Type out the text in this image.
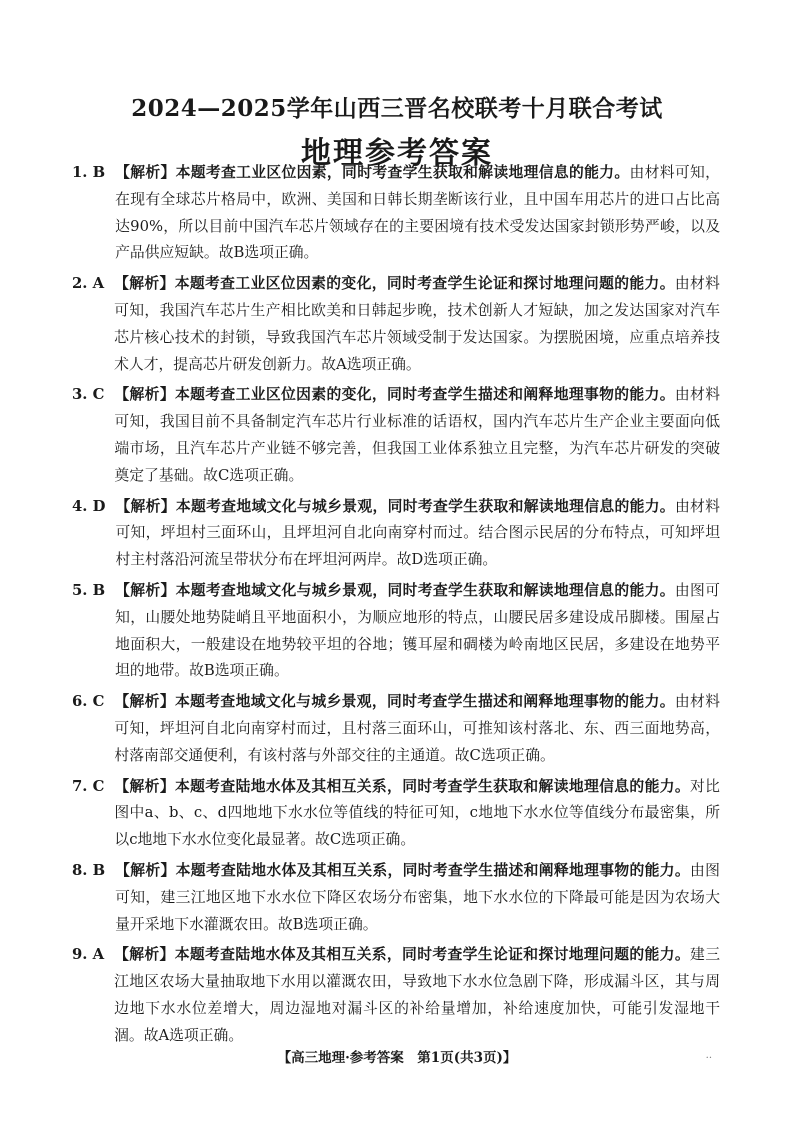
2024—2025学年山西三晋名校联考十月联合考试
地理参考答案
1. B 【解析】本题考查工业区位因素，同时考查学生获取和解读地理信息的能力。由材料可知，在现有全球芯片格局中，欧洲、美国和日韩长期垄断该行业，且中国车用芯片的进口占比高达90%，所以目前中国汽车芯片领域存在的主要困境有技术受发达国家封锁形势严峻，以及产品供应短缺。故B选项正确。
2. A 【解析】本题考查工业区位因素的变化，同时考查学生论证和探讨地理问题的能力。由材料可知，我国汽车芯片生产相比欧美和日韩起步晚，技术创新人才短缺，加之发达国家对汽车芯片核心技术的封锁，导致我国汽车芯片领域受制于发达国家。为摆脱困境，应重点培养技术人才，提高芯片研发创新力。故A选项正确。
3. C 【解析】本题考查工业区位因素的变化，同时考查学生描述和阐释地理事物的能力。由材料可知，我国目前不具备制定汽车芯片行业标准的话语权，国内汽车芯片生产企业主要面向低端市场，且汽车芯片产业链不够完善，但我国工业体系独立且完整，为汽车芯片研发的突破奠定了基础。故C选项正确。
4. D 【解析】本题考查地域文化与城乡景观，同时考查学生获取和解读地理信息的能力。由材料可知，坪坦村三面环山，且坪坦河自北向南穿村而过。结合图示民居的分布特点，可知坪坦村主村落沿河流呈带状分布在坪坦河两岸。故D选项正确。
5. B 【解析】本题考查地域文化与城乡景观，同时考查学生获取和解读地理信息的能力。由图可知，山腰处地势陡峭且平地面积小，为顺应地形的特点，山腰民居多建设成吊脚楼。围屋占地面积大，一般建设在地势较平坦的谷地；镬耳屋和碉楼为岭南地区民居，多建设在地势平坦的地带。故B选项正确。
6. C 【解析】本题考查地域文化与城乡景观，同时考查学生描述和阐释地理事物的能力。由材料可知，坪坦河自北向南穿村而过，且村落三面环山，可推知该村落北、东、西三面地势高，村落南部交通便利，有该村落与外部交往的主通道。故C选项正确。
7. C 【解析】本题考查陆地水体及其相互关系，同时考查学生获取和解读地理信息的能力。对比图中a、b、c、d四地地下水水位等值线的特征可知，c地地下水水位等值线分布最密集，所以c地地下水水位变化最显著。故C选项正确。
8. B 【解析】本题考查陆地水体及其相互关系，同时考查学生描述和阐释地理事物的能力。由图可知，建三江地区地下水水位下降区农场分布密集，地下水水位的下降最可能是因为农场大量开采地下水灌溉农田。故B选项正确。
9. A 【解析】本题考查陆地水体及其相互关系，同时考查学生论证和探讨地理问题的能力。建三江地区农场大量抽取地下水用以灌溉农田，导致地下水水位急剧下降，形成漏斗区，其与周边地下水水位差增大，周边湿地对漏斗区的补给量增加，补给速度加快，可能引发湿地干涸。故A选项正确。
【高三地理·参考答案　第1页(共3页)】	..
